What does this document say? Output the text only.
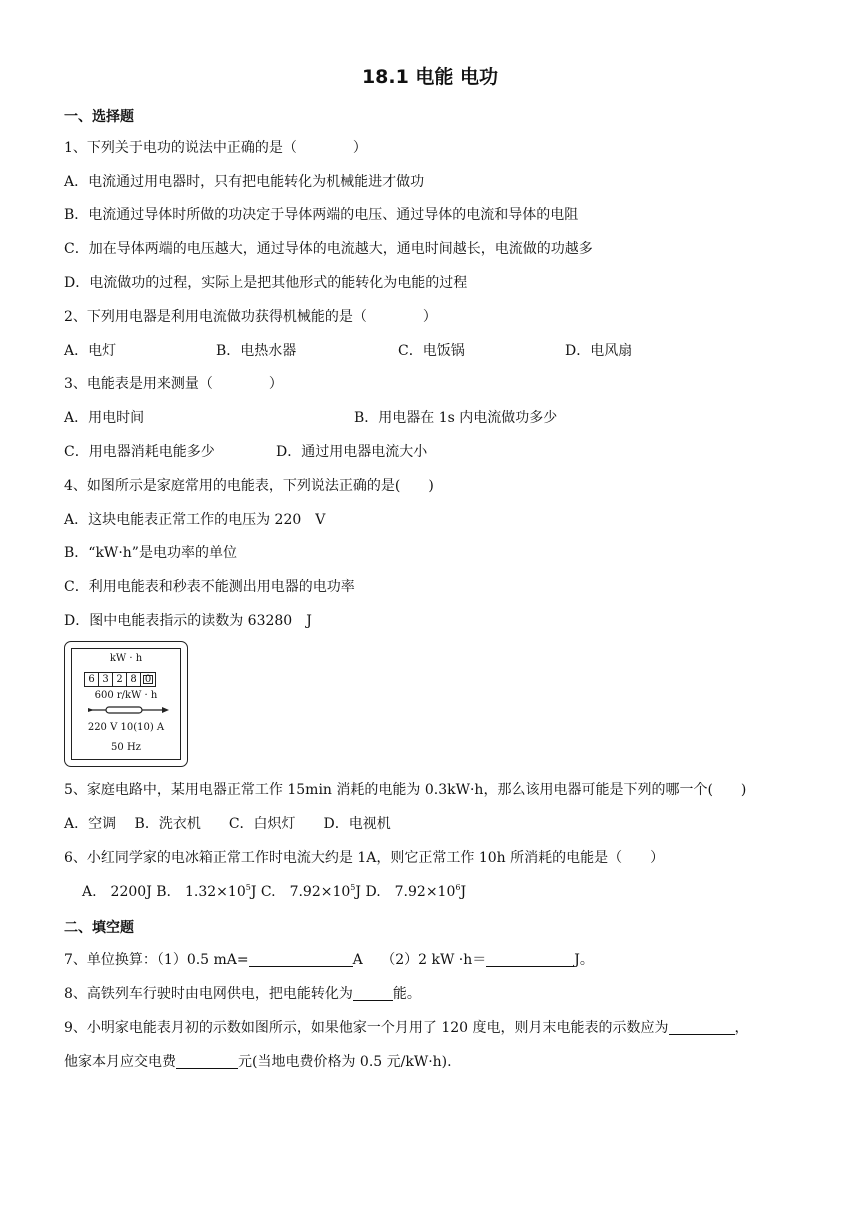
18.1 电能 电功
一、选择题
1、下列关于电功的说法中正确的是（　　　　）
A．电流通过用电器时，只有把电能转化为机械能进才做功
B．电流通过导体时所做的功决定于导体两端的电压、通过导体的电流和导体的电阻
C．加在导体两端的电压越大，通过导体的电流越大，通电时间越长，电流做的功越多
D．电流做功的过程，实际上是把其他形式的能转化为电能的过程
2、下列用电器是利用电流做功获得机械能的是（　　　　）
A．电灯	B．电热水器	C．电饭锅	D．电风扇
3、电能表是用来测量（　　　　）
A．用电时间	B．用电器在 1s 内电流做功多少
C．用电器消耗电能多少	D．通过用电器电流大小
4、如图所示是家庭常用的电能表，下列说法正确的是(　　)
A．这块电能表正常工作的电压为 220　V
B．“kW·h”是电功率的单位
C．利用电能表和秒表不能测出用电器的电功率
D．图中电能表指示的读数为 63280　J
kW · h
6 3 2 8 0
600 r/kW · h
220 V 10(10) A
50 Hz
5、家庭电路中，某用电器正常工作 15min 消耗的电能为 0.3kW·h，那么该用电器可能是下列的哪一个(　　)
A．空调　 B．洗衣机　　C．白炽灯　　D．电视机
6、小红同学家的电冰箱正常工作时电流大约是 1A，则它正常工作 10h 所消耗的电能是（　　）
A.　2200J B.　$1.32\times 10^5J$ C.　$7.92\times 10^5J$ D.　$7.92\times 10^6J$
二、填空题
7、单位换算：（1）0.5 mA=	A　 （2）2 kW ·h＝	J。
8、高铁列车行驶时由电网供电，把电能转化为	能。
9、小明家电能表月初的示数如图所示，如果他家一个月用了 120 度电，则月末电能表的示数应为	，
他家本月应交电费	元(当地电费价格为 0.5 元/kW·h).
